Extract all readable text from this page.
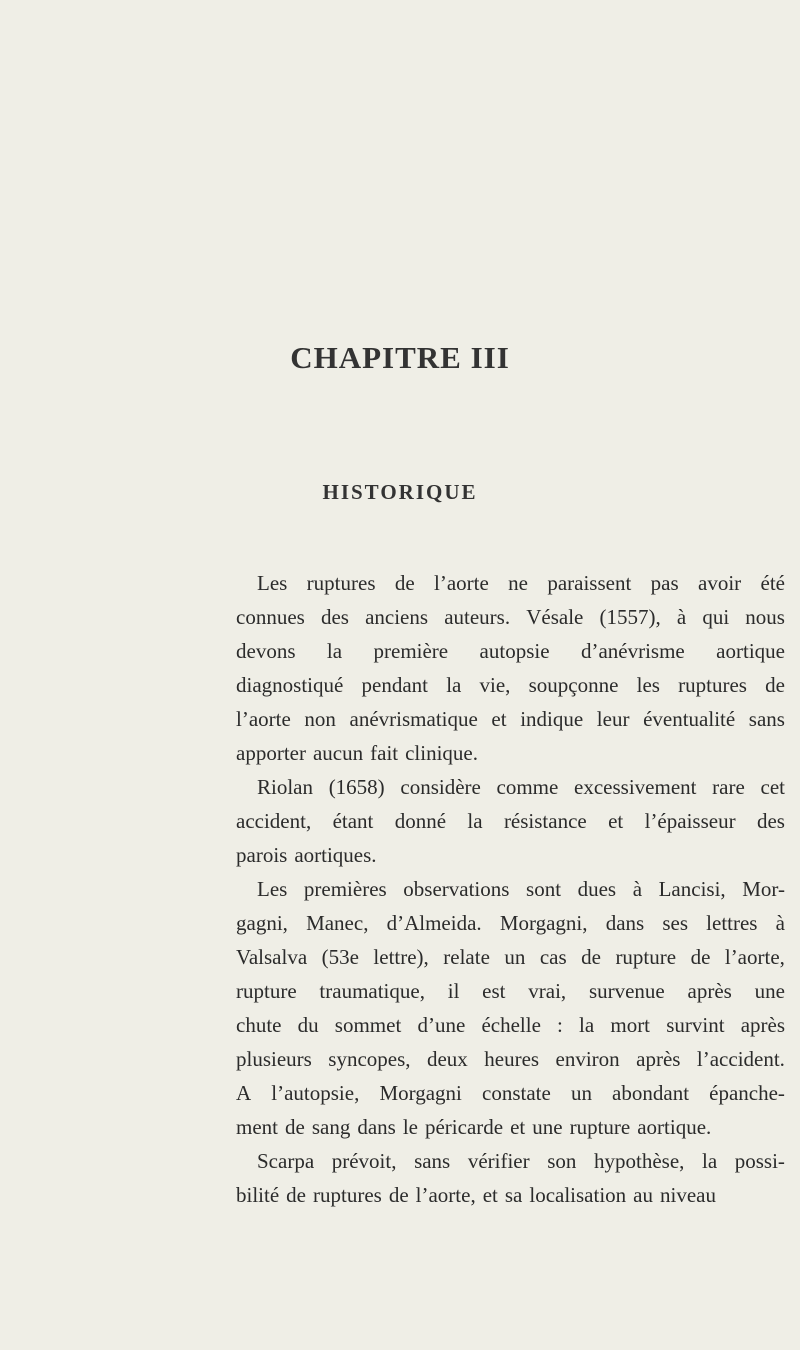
CHAPITRE III
HISTORIQUE
Les ruptures de l’aorte ne paraissent pas avoir été
connues des anciens auteurs. Vésale (1557), à qui nous
devons la première autopsie d’anévrisme aortique
diagnostiqué pendant la vie, soupçonne les ruptures de
l’aorte non anévrismatique et indique leur éventualité sans
apporter aucun fait clinique.
Riolan (1658) considère comme excessivement rare cet
accident, étant donné la résistance et l’épaisseur des
parois aortiques.
Les premières observations sont dues à Lancisi, Mor-
gagni, Manec, d’Almeida. Morgagni, dans ses lettres à
Valsalva (53e lettre), relate un cas de rupture de l’aorte,
rupture traumatique, il est vrai, survenue après une
chute du sommet d’une échelle : la mort survint après
plusieurs syncopes, deux heures environ après l’accident.
A l’autopsie, Morgagni constate un abondant épanche-
ment de sang dans le péricarde et une rupture aortique.
Scarpa prévoit, sans vérifier son hypothèse, la possi-
bilité de ruptures de l’aorte, et sa localisation au niveau
